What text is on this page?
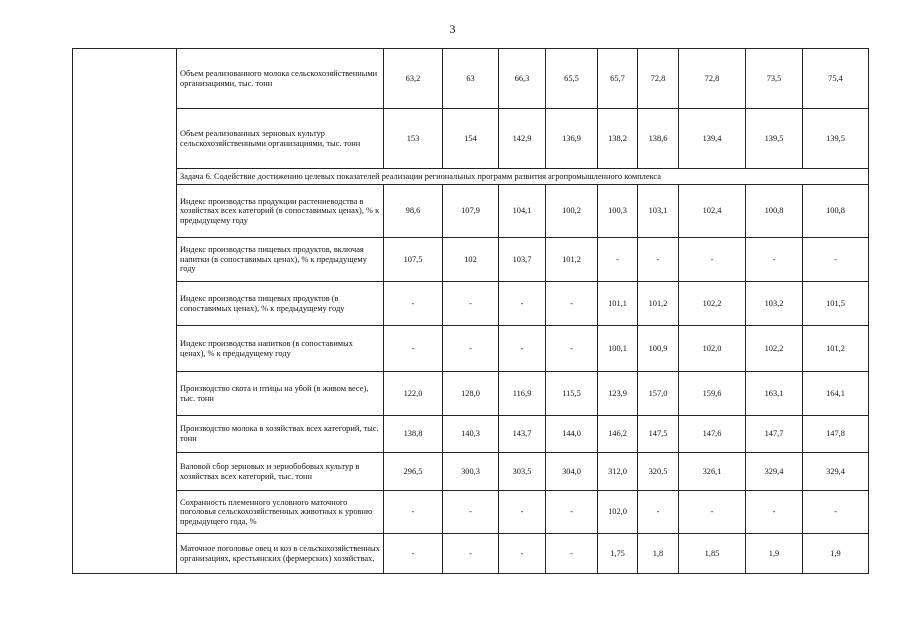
3
	Объем реализованного молока сельскохозяйственными организациями, тыс. тонн	63,2	63	66,3	65,5	65,7	72,8	72,8	73,5	75,4
	Объем реализованных зерновых культур сельскохозяйственными организациями, тыс. тонн	153	154	142,9	136,9	138,2	138,6	139,4	139,5	139,5
	Задача 6. Содействие достижению целевых показателей реализации региональных программ развития агропромышленного комплекса									
	Индекс производства продукции растениеводства в хозяйствах всех категорий (в сопоставимых ценах), % к предыдущему году	98,6	107,9	104,1	100,2	100,3	103,1	102,4	100,8	100,8
	Индекс производства пищевых продуктов, включая напитки (в сопоставимых ценах), % к предыдущему году	107,5	102	103,7	101,2	-	-	-	-	-
	Индекс производства пищевых продуктов (в сопоставимых ценах), % к предыдущему году	-	-	-	-	101,1	101,2	102,2	103,2	101,5
	Индекс производства напитков (в сопоставимых ценах), % к предыдущему году	-	-	-	-	100,1	100,9	102,0	102,2	101,2
	Производство скота и птицы на убой (в живом весе), тыс. тонн	122,0	128,0	116,9	115,5	123,9	157,0	159,6	163,1	164,1
	Производство молока в хозяйствах всех категорий, тыс. тонн	138,8	140,3	143,7	144,0	146,2	147,5	147,6	147,7	147,8
	Валовой сбор зерновых и зернобобовых культур в хозяйствах всех категорий, тыс. тонн	296,5	300,3	303,5	304,0	312,0	320,5	326,1	329,4	329,4
	Сохранность племенного условного маточного поголовья сельскохозяйственных животных к уровню предыдущего года, %	-	-	-	-	102,0	-	-	-	-
	Маточное поголовье овец и коз в сельскохозяйственных организациях, крестьянских (фермерских) хозяйствах,	-	-	-	-	1,75	1,8	1,85	1,9	1,9
